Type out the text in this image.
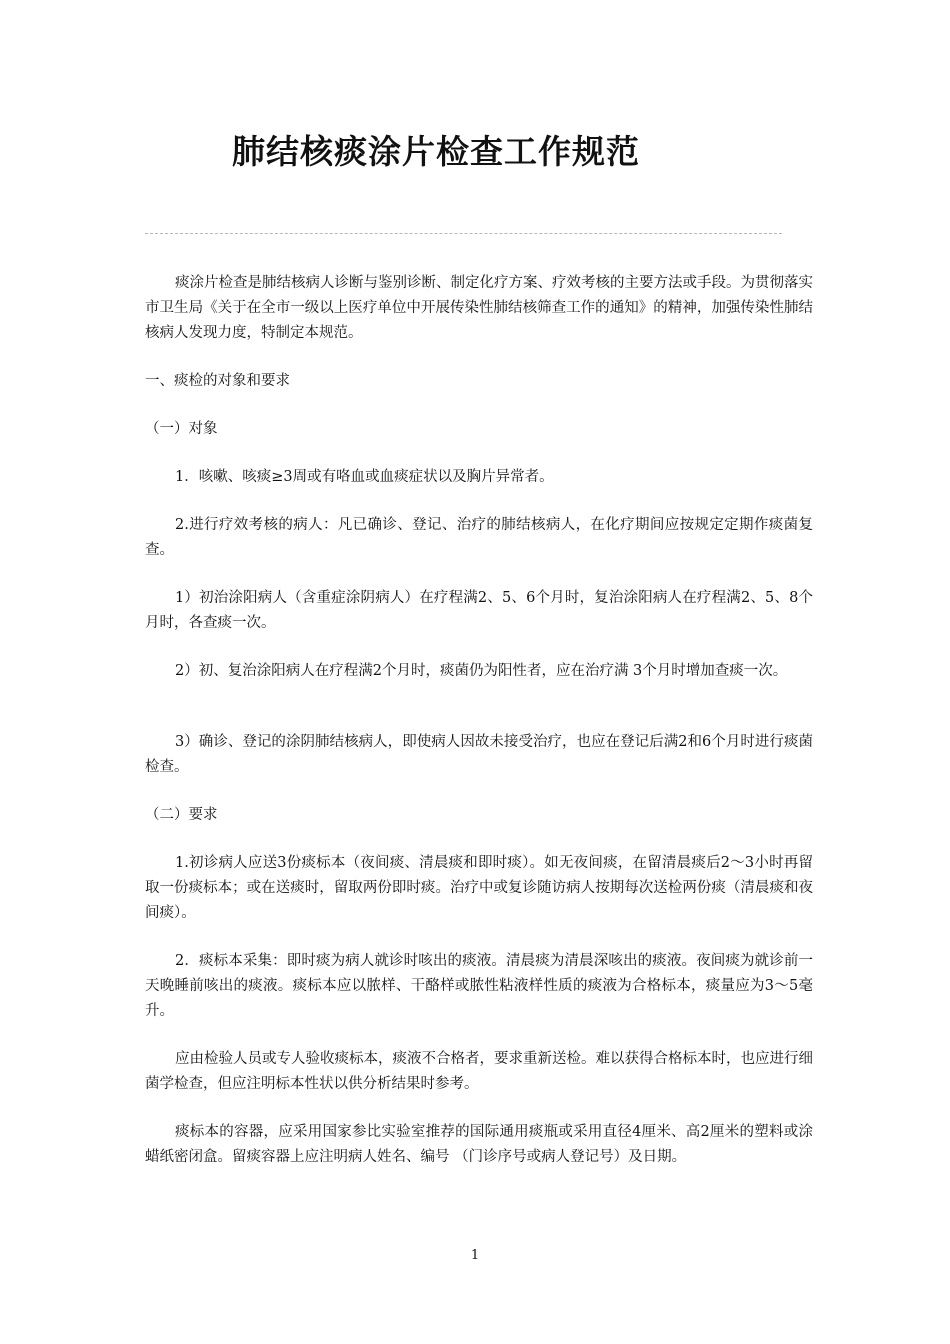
肺结核痰涂片检查工作规范

痰涂片检查是肺结核病人诊断与鉴别诊断、制定化疗方案、疗效考核的主要方法或手段。为贯彻落实市卫生局《关于在全市一级以上医疗单位中开展传染性肺结核筛查工作的通知》的精神，加强传染性肺结核病人发现力度，特制定本规范。

一、痰检的对象和要求

（一）对象

1．咳嗽、咳痰≥3周或有咯血或血痰症状以及胸片异常者。

2.进行疗效考核的病人：凡已确诊、登记、治疗的肺结核病人，在化疗期间应按规定定期作痰菌复查。

1）初治涂阳病人（含重症涂阴病人）在疗程满2、5、6个月时，复治涂阳病人在疗程满2、5、8个月时，各查痰一次。

2）初、复治涂阳病人在疗程满2个月时，痰菌仍为阳性者，应在治疗满 3个月时增加查痰一次。

3）确诊、登记的涂阴肺结核病人，即使病人因故未接受治疗，也应在登记后满2和6个月时进行痰菌检查。

（二）要求

1.初诊病人应送3份痰标本（夜间痰、清晨痰和即时痰）。如无夜间痰，在留清晨痰后2～3小时再留取一份痰标本；或在送痰时，留取两份即时痰。治疗中或复诊随访病人按期每次送检两份痰（清晨痰和夜间痰）。

2．痰标本采集：即时痰为病人就诊时咳出的痰液。清晨痰为清晨深咳出的痰液。夜间痰为就诊前一天晚睡前咳出的痰液。痰标本应以脓样、干酪样或脓性粘液样性质的痰液为合格标本，痰量应为3～5毫升。

应由检验人员或专人验收痰标本，痰液不合格者，要求重新送检。难以获得合格标本时，也应进行细菌学检查，但应注明标本性状以供分析结果时参考。

痰标本的容器，应采用国家参比实验室推荐的国际通用痰瓶或采用直径4厘米、高2厘米的塑料或涂蜡纸密闭盒。留痰容器上应注明病人姓名、编号 （门诊序号或病人登记号）及日期。

1
